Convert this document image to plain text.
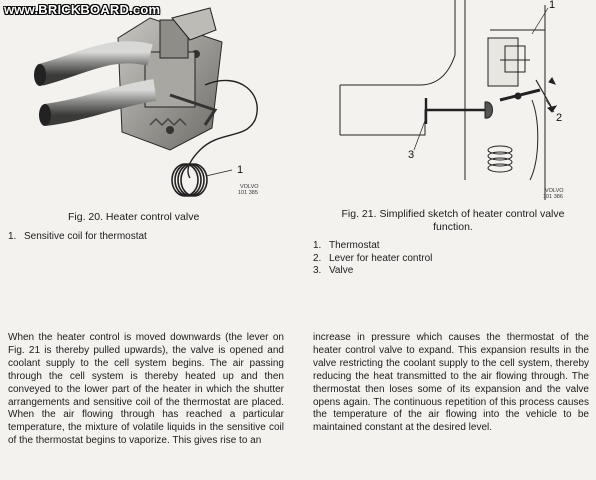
www.BRICKBOARD.com
1
VOLVO
101 385
1
2
3
VOLVO
101 386
Fig. 20. Heater control valve
1. Sensitive coil for thermostat
Fig. 21. Simplified sketch of heater control valve
function.
1. Thermostat
2. Lever for heater control
3. Valve

When the heater control is moved downwards (the lever on Fig. 21 is thereby pulled upwards), the valve is opened and coolant supply to the cell system begins. The air passing through the cell system is thereby heated up and then conveyed to the lower part of the heater in which the shutter arrangements and sensitive coil of the thermostat are placed. When the air flowing through has reached a particular temperature, the mixture of volatile liquids in the sensitive coil of the thermostat begins to vaporize. This gives rise to an

increase in pressure which causes the thermostat of the heater control valve to expand. This expansion results in the valve restricting the coolant supply to the cell system, thereby reducing the heat transmitted to the air flowing through. The thermostat then loses some of its expansion and the valve opens again. The continuous repetition of this process causes the temperature of the air flowing into the vehicle to be maintained constant at the desired level.
